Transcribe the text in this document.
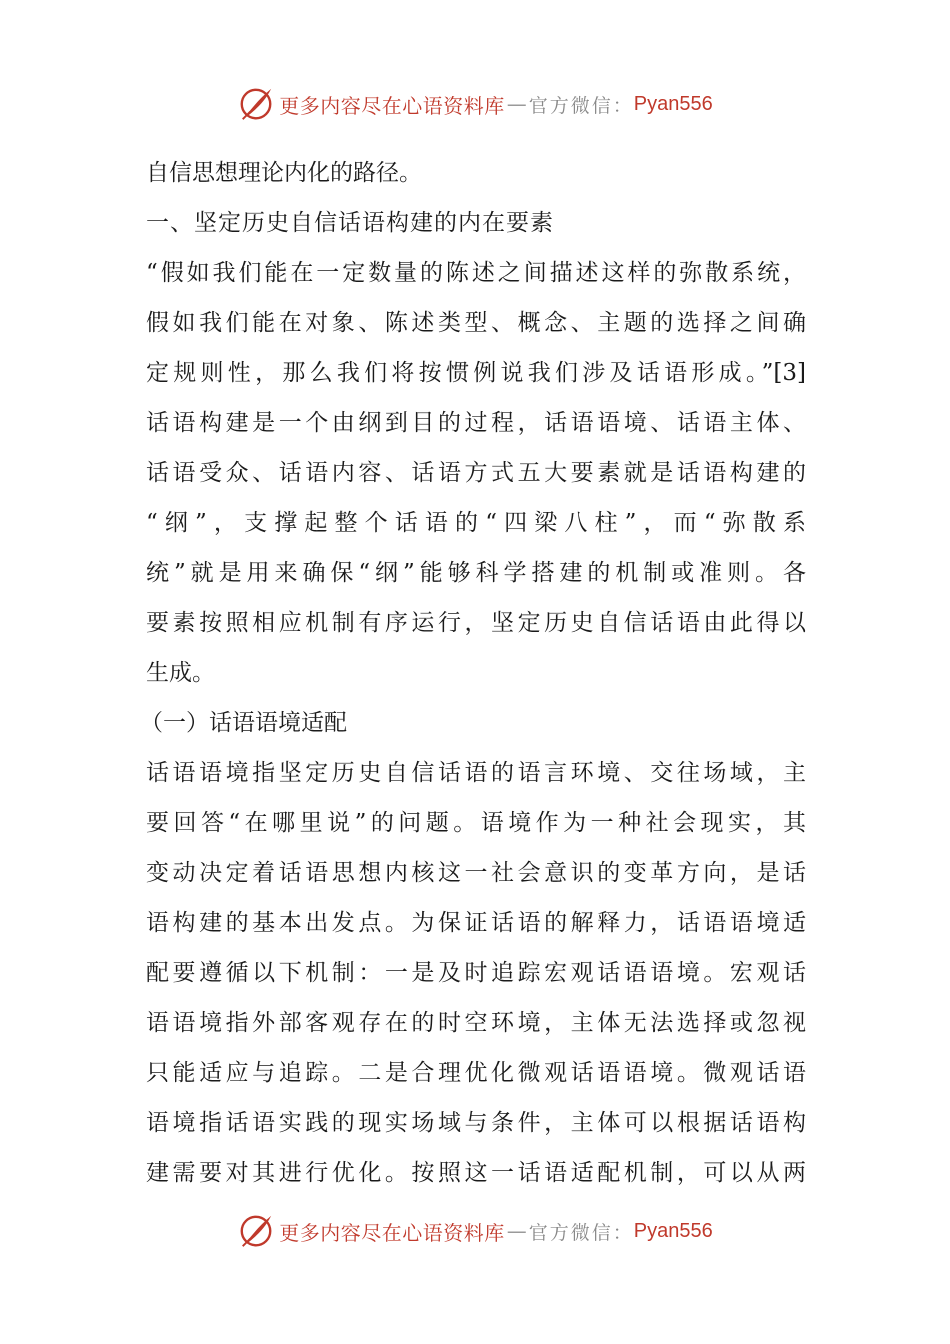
更多内容尽在心语资料库 — 官方微信： Pyan556
自信思想理论内化的路径。
一、坚定历史自信话语构建的内在要素
“假如我们能在一定数量的陈述之间描述这样的弥散系统，
假如我们能在对象、陈述类型、概念、主题的选择之间确
定规则性，那么我们将按惯例说我们涉及话语形成。”[3]
话语构建是一个由纲到目的过程，话语语境、话语主体、
话语受众、话语内容、话语方式五大要素就是话语构建的
“纲”，支撑起整个话语的“四梁八柱”，而“弥散系
统”就是用来确保“纲”能够科学搭建的机制或准则。各
要素按照相应机制有序运行，坚定历史自信话语由此得以
生成。
（一）话语语境适配
话语语境指坚定历史自信话语的语言环境、交往场域，主
要回答“在哪里说”的问题。语境作为一种社会现实，其
变动决定着话语思想内核这一社会意识的变革方向，是话
语构建的基本出发点。为保证话语的解释力，话语语境适
配要遵循以下机制：一是及时追踪宏观话语语境。宏观话
语语境指外部客观存在的时空环境，主体无法选择或忽视
只能适应与追踪。二是合理优化微观话语语境。微观话语
语境指话语实践的现实场域与条件，主体可以根据话语构
建需要对其进行优化。按照这一话语适配机制，可以从两
更多内容尽在心语资料库 — 官方微信： Pyan556
